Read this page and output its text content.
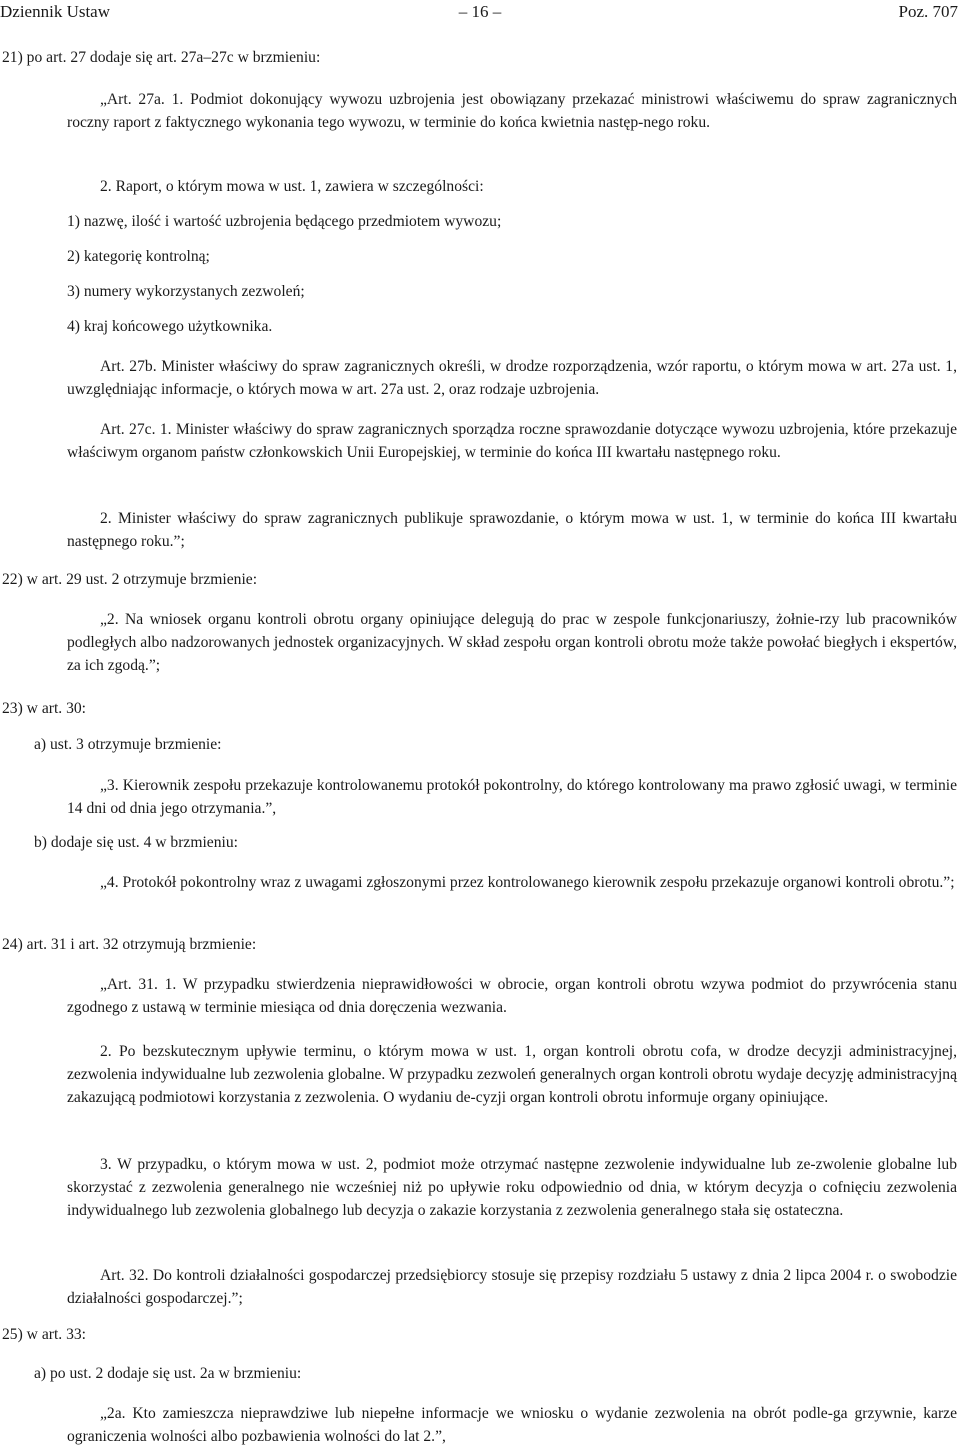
Dziennik Ustaw	– 16 –	Poz. 707
21) po art. 27 dodaje się art. 27a–27c w brzmieniu:
„Art. 27a. 1. Podmiot dokonujący wywozu uzbrojenia jest obowiązany przekazać ministrowi właściwemu do spraw zagranicznych roczny raport z faktycznego wykonania tego wywozu, w terminie do końca kwietnia następ-nego roku.
2. Raport, o którym mowa w ust. 1, zawiera w szczególności:
1) nazwę, ilość i wartość uzbrojenia będącego przedmiotem wywozu;
2) kategorię kontrolną;
3) numery wykorzystanych zezwoleń;
4) kraj końcowego użytkownika.
Art. 27b. Minister właściwy do spraw zagranicznych określi, w drodze rozporządzenia, wzór raportu, o którym mowa w art. 27a ust. 1, uwzględniając informacje, o których mowa w art. 27a ust. 2, oraz rodzaje uzbrojenia.
Art. 27c. 1. Minister właściwy do spraw zagranicznych sporządza roczne sprawozdanie dotyczące wywozu uzbrojenia, które przekazuje właściwym organom państw członkowskich Unii Europejskiej, w terminie do końca III kwartału następnego roku.
2. Minister właściwy do spraw zagranicznych publikuje sprawozdanie, o którym mowa w ust. 1, w terminie do końca III kwartału następnego roku.”;
22) w art. 29 ust. 2 otrzymuje brzmienie:
„2. Na wniosek organu kontroli obrotu organy opiniujące delegują do prac w zespole funkcjonariuszy, żołnie-rzy lub pracowników podległych albo nadzorowanych jednostek organizacyjnych. W skład zespołu organ kontroli obrotu może także powołać biegłych i ekspertów, za ich zgodą.”;
23) w art. 30:
a) ust. 3 otrzymuje brzmienie:
„3. Kierownik zespołu przekazuje kontrolowanemu protokół pokontrolny, do którego kontrolowany ma prawo zgłosić uwagi, w terminie 14 dni od dnia jego otrzymania.”,
b) dodaje się ust. 4 w brzmieniu:
„4. Protokół pokontrolny wraz z uwagami zgłoszonymi przez kontrolowanego kierownik zespołu przekazuje organowi kontroli obrotu.”;
24) art. 31 i art. 32 otrzymują brzmienie:
„Art. 31. 1. W przypadku stwierdzenia nieprawidłowości w obrocie, organ kontroli obrotu wzywa podmiot do przywrócenia stanu zgodnego z ustawą w terminie miesiąca od dnia doręczenia wezwania.
2. Po bezskutecznym upływie terminu, o którym mowa w ust. 1, organ kontroli obrotu cofa, w drodze decyzji administracyjnej, zezwolenia indywidualne lub zezwolenia globalne. W przypadku zezwoleń generalnych organ kontroli obrotu wydaje decyzję administracyjną zakazującą podmiotowi korzystania z zezwolenia. O wydaniu de-cyzji organ kontroli obrotu informuje organy opiniujące.
3. W przypadku, o którym mowa w ust. 2, podmiot może otrzymać następne zezwolenie indywidualne lub ze-zwolenie globalne lub skorzystać z zezwolenia generalnego nie wcześniej niż po upływie roku odpowiednio od dnia, w którym decyzja o cofnięciu zezwolenia indywidualnego lub zezwolenia globalnego lub decyzja o zakazie korzystania z zezwolenia generalnego stała się ostateczna.
Art. 32. Do kontroli działalności gospodarczej przedsiębiorcy stosuje się przepisy rozdziału 5 ustawy z dnia 2 lipca 2004 r. o swobodzie działalności gospodarczej.”;
25) w art. 33:
a) po ust. 2 dodaje się ust. 2a w brzmieniu:
„2a. Kto zamieszcza nieprawdziwe lub niepełne informacje we wniosku o wydanie zezwolenia na obrót podle-ga grzywnie, karze ograniczenia wolności albo pozbawienia wolności do lat 2.”,
